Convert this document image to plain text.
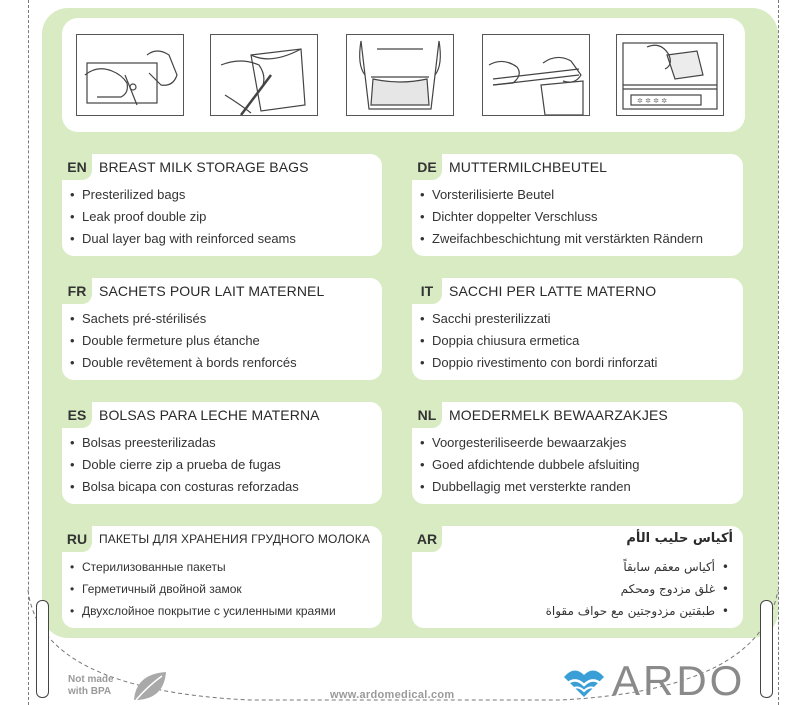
✲ ✲ ✲ ✲
EN BREAST MILK STORAGE BAGS
• Presterilized bags
• Leak proof double zip
• Dual layer bag with reinforced seams
DE MUTTERMILCHBEUTEL
• Vorsterilisierte Beutel
• Dichter doppelter Verschluss
• Zweifachbeschichtung mit verstärkten Rändern
FR SACHETS POUR LAIT MATERNEL
• Sachets pré-stérilisés
• Double fermeture plus étanche
• Double revêtement à bords renforcés
IT	SACCHI PER LATTE MATERNO
• Sacchi presterilizzati
• Doppia chiusura ermetica
• Doppio rivestimento con bordi rinforzati
ES BOLSAS PARA LECHE MATERNA
• Bolsas preesterilizadas
• Doble cierre zip a prueba de fugas
• Bolsa bicapa con costuras reforzadas
NL MOEDERMELK BEWAARZAKJES
• Voorgesteriliseerde bewaarzakjes
• Goed afdichtende dubbele afsluiting
• Dubbellagig met versterkte randen
RU ПАКЕТЫ ДЛЯ ХРАНЕНИЯ ГРУДНОГО МОЛОКА
• Стерилизованные пакеты
• Герметичный двойной замок
• Двухслойное покрытие с усиленными краями
AR	أكياس حليب الأم
•أكياس معقم سابقاً
•غلق مزدوج ومحكم
•طبقتين مزدوجتين مع حواف مقواة
Not made
with BPA	www.ardomedical.com	ARDO
